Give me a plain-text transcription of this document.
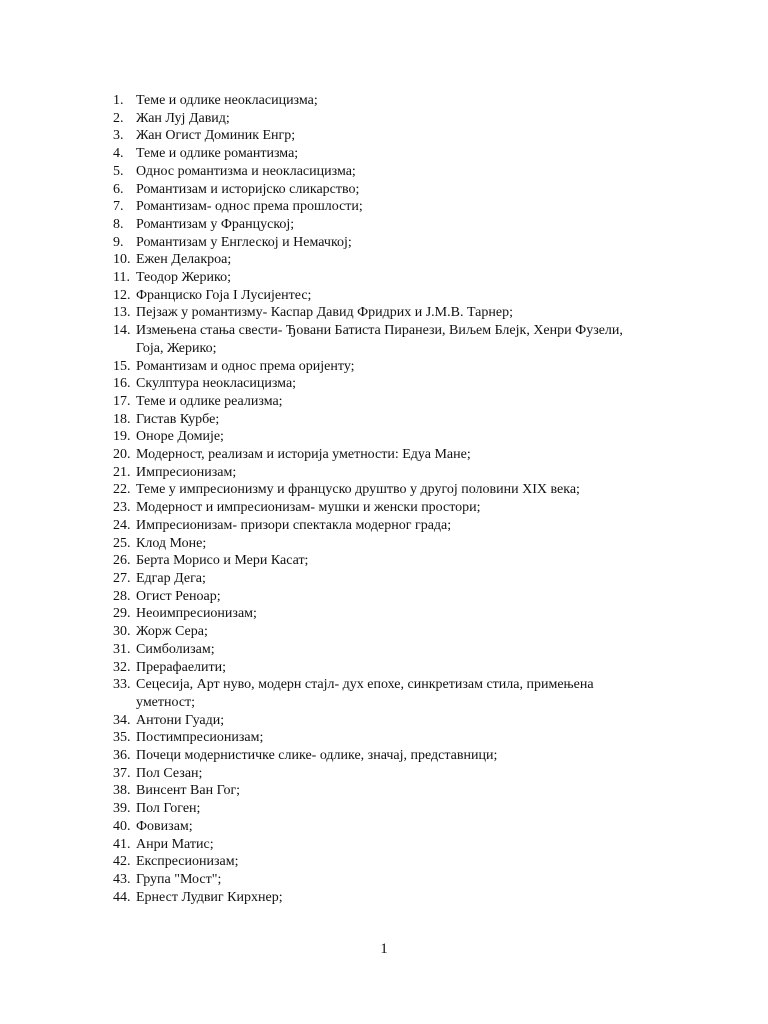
1. Теме и одлике неокласицизма;
2. Жан Луј Давид;
3. Жан Огист Доминик Енгр;
4. Теме и одлике романтизма;
5. Однос романтизма и неокласицизма;
6. Романтизам и историјско сликарство;
7. Романтизам- однос према прошлости;
8. Романтизам у Француској;
9. Романтизам у Енглеској и Немачкој;
10. Ежен Делакроа;
11. Теодор Жерико;
12. Франциско Гоја I Лусијентес;
13. Пејзаж у романтизму- Каспар Давид Фридрих и J.M.В. Тарнер;
14. Измењена стања свести- Ђовани Батиста Пиранези, Виљем Блејк, Хенри Фузели, Гоја, Жерико;
15. Романтизам и однос према оријенту;
16. Скулптура неокласицизма;
17. Теме и одлике реализма;
18. Гистав Курбе;
19. Оноре Домије;
20. Модерност, реализам и историја уметности: Едуа Мане;
21. Импресионизам;
22. Теме у импресионизму и француско друштво у другој половини XIX века;
23. Модерност и импресионизам- мушки и женски простори;
24. Импресионизам- призори спектакла модерног града;
25. Клод Моне;
26. Берта Морисо и Мери Касат;
27. Едгар Дега;
28. Огист Реноар;
29. Неоимпресионизам;
30. Жорж Сера;
31. Симболизам;
32. Прерафаелити;
33. Сецесија, Арт нуво, модерн стајл- дух епохе, синкретизам стила, примењена уметност;
34. Антони Гуади;
35. Постимпресионизам;
36. Почеци модернистичке слике- одлике, значај, представници;
37. Пол Сезан;
38. Винсент Ван Гог;
39. Пол Гоген;
40. Фовизам;
41. Анри Матис;
42. Експресионизам;
43. Група "Мост";
44. Ернест Лудвиг Кирхнер;
1
